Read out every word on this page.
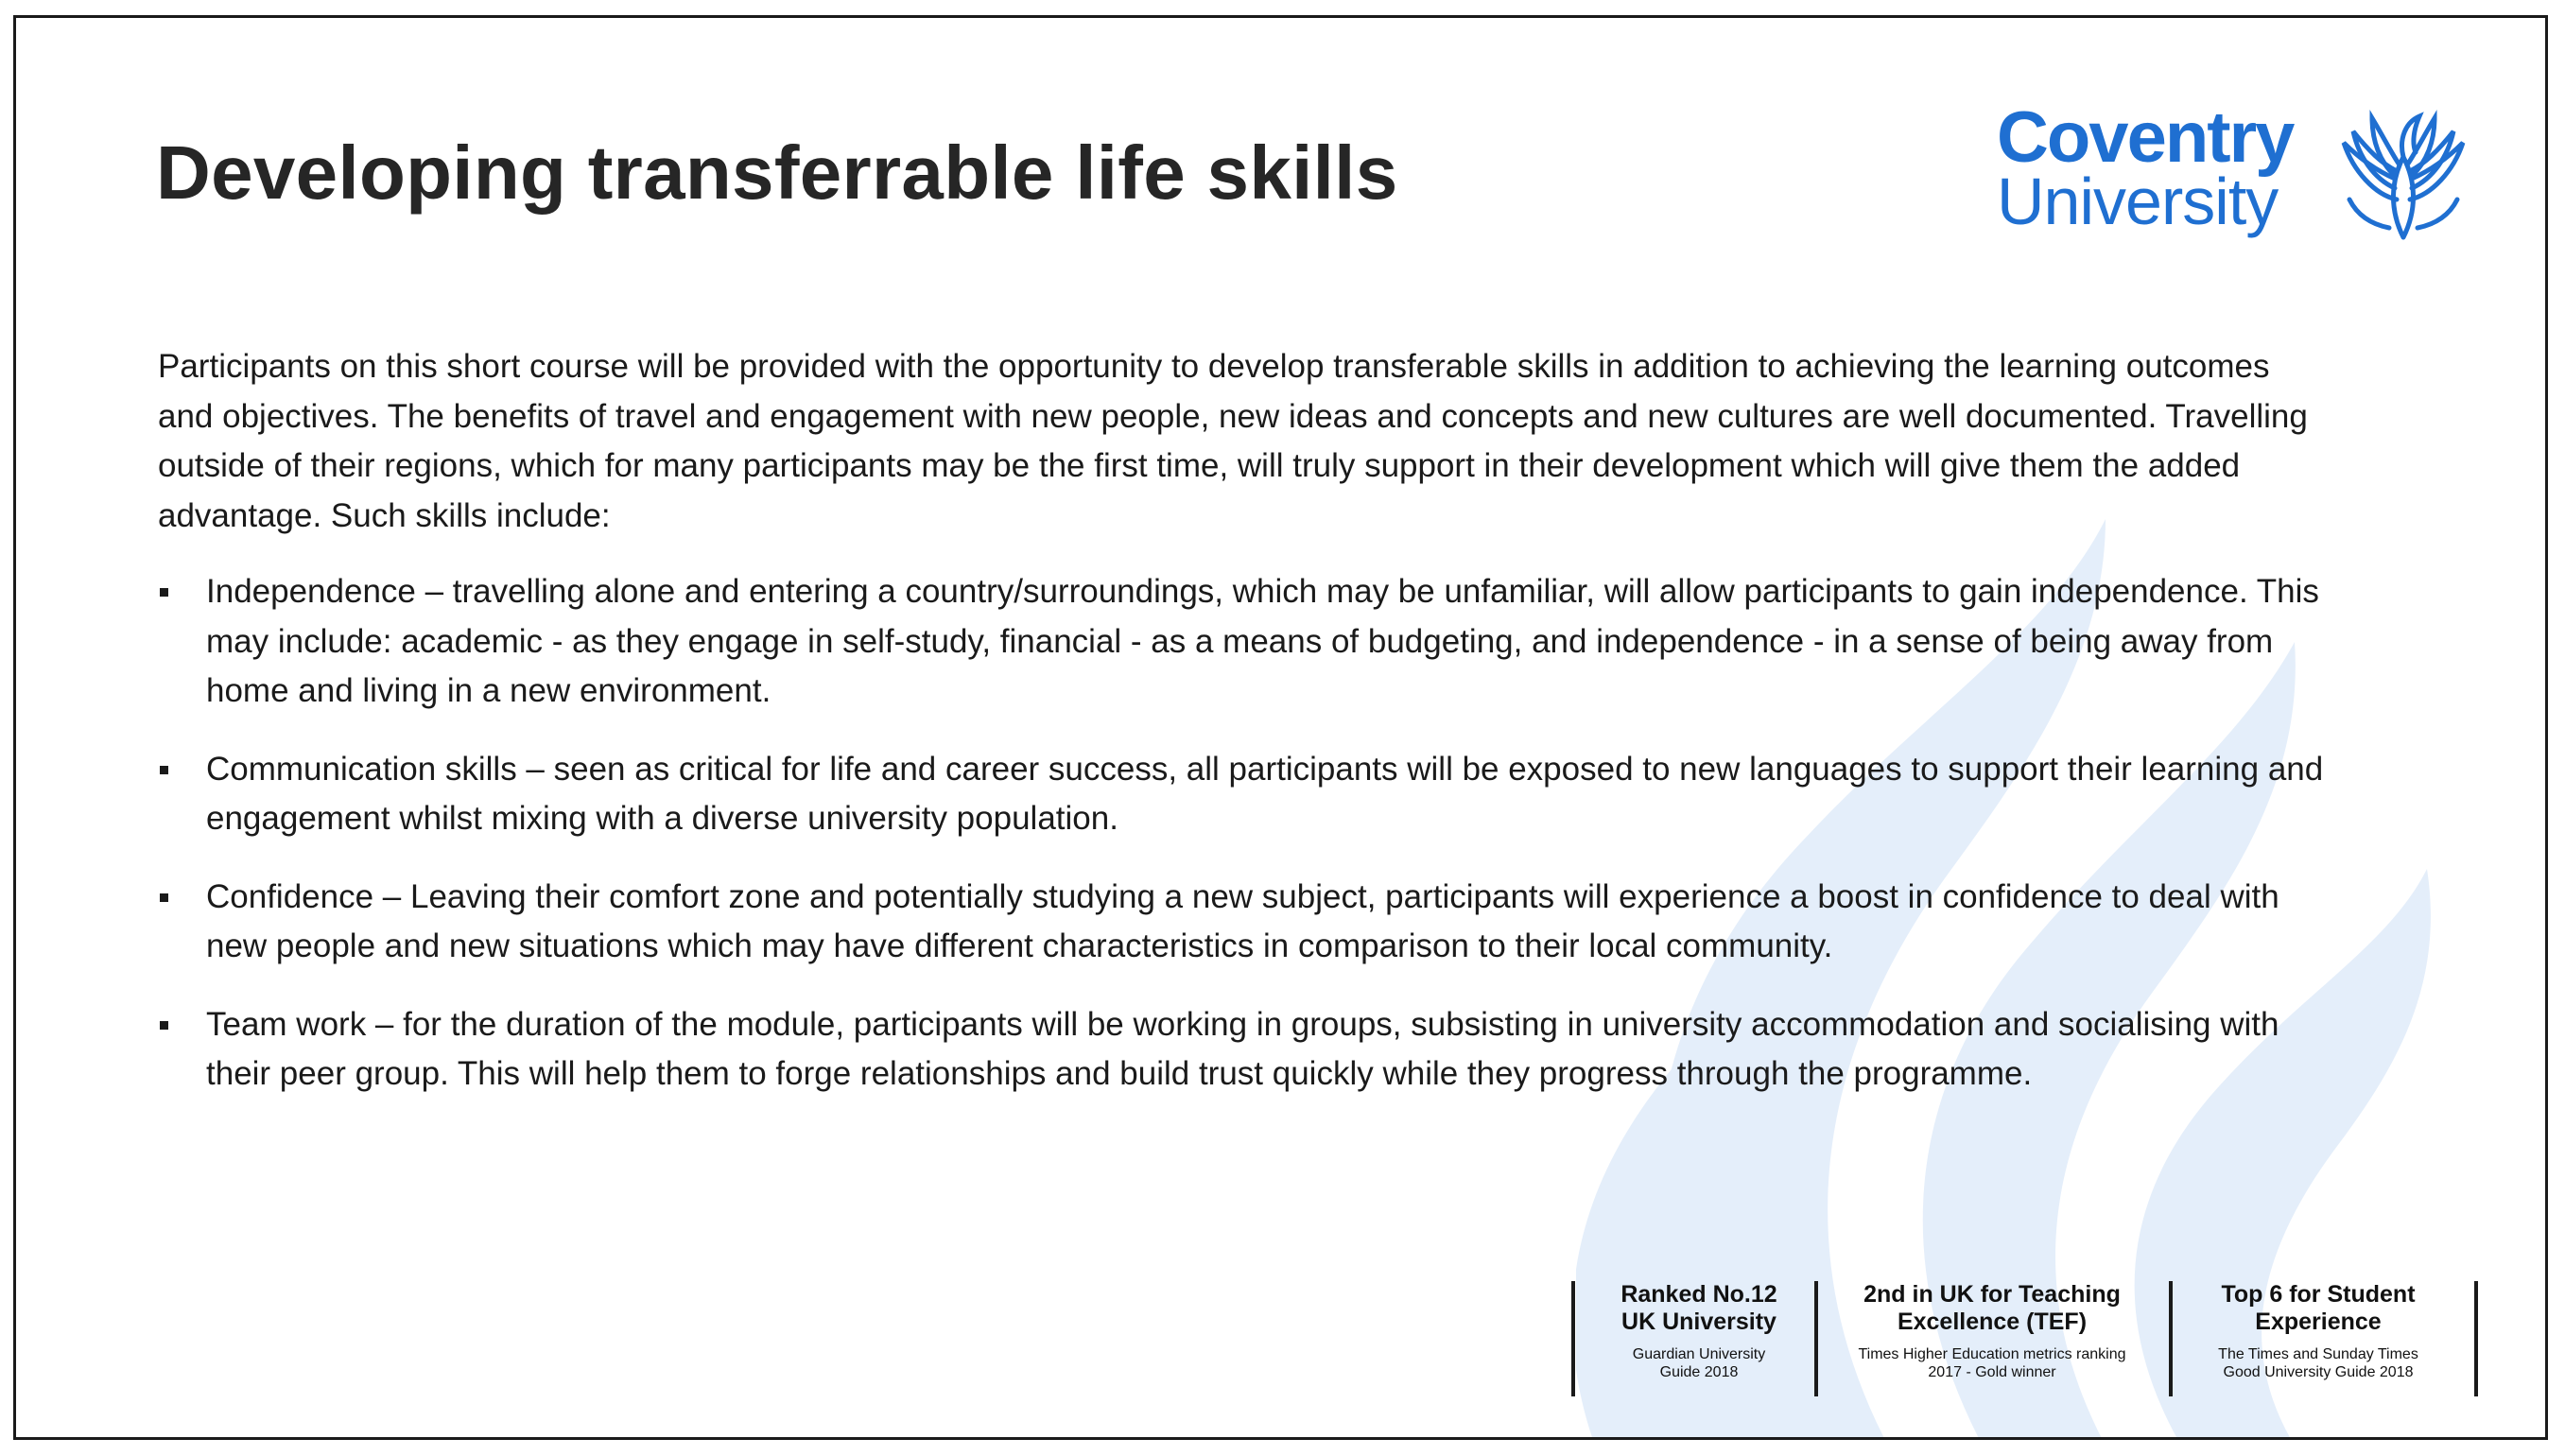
Developing transferrable life skills	Coventry
University

Participants on this short course will be provided with the opportunity to develop transferable skills in addition to achieving the learning outcomes and objectives. The benefits of travel and engagement with new people, new ideas and concepts and new cultures are well documented. Travelling outside of their regions, which for many participants may be the first time, will truly support in their development which will give them the added advantage. Such skills include:

Independence – travelling alone and entering a country/surroundings, which may be unfamiliar, will allow participants to gain independence. This may include: academic - as they engage in self-study, financial - as a means of budgeting, and independence - in a sense of being away from home and living in a new environment.
Communication skills – seen as critical for life and career success, all participants will be exposed to new languages to support their learning and engagement whilst mixing with a diverse university population.
Confidence – Leaving their comfort zone and potentially studying a new subject, participants will experience a boost in confidence to deal with new people and new situations which may have different characteristics in comparison to their local community.
Team work – for the duration of the module, participants will be working in groups, subsisting in university accommodation and socialising with their peer group. This will help them to forge relationships and build trust quickly while they progress through the programme.
Ranked No.12
UK University
Guardian University
Guide 2018
2nd in UK for Teaching
Excellence (TEF)
Times Higher Education metrics ranking
2017 - Gold winner
Top 6 for Student
Experience
The Times and Sunday Times
Good University Guide 2018
